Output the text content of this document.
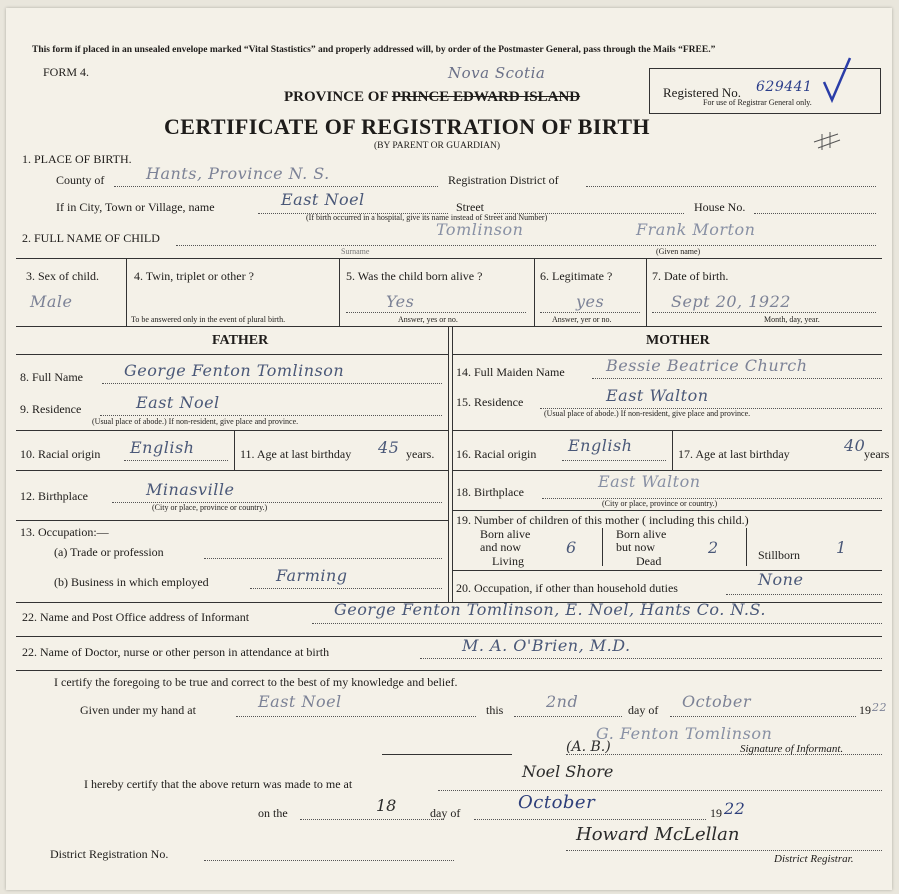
This form if placed in an unsealed envelope marked “Vital Stastistics” and properly addressed will, by order of the Postmaster General, pass through the Mails “FREE.”
FORM 4.	Nova Scotia
PROVINCE OF PRINCE EDWARD ISLAND	Registered No. 629441
For use of Registrar General only.
CERTIFICATE OF REGISTRATION OF BIRTH
(BY PARENT OR GUARDIAN)
1. PLACE OF BIRTH.
County of	Hants, Province N. S.	Registration District of
If in City, Town or Village, name	East Noel	Street	House No.
(If birth occurred in a hospital, give its name instead of Street and Number)
2. FULL NAME OF CHILD	Tomlinson	Frank Morton
Surname	(Given name)
3. Sex of child.
Male
4. Twin, triplet or other ?
To be answered only in the event of plural birth.
5. Was the child born alive ?
Yes
Answer, yes or no.
6. Legitimate ?
yes
Answer, yer or no.
7. Date of birth.
Sept 20, 1922
Month, day, year.
FATHER
8. Full Name	George Fenton Tomlinson
9. Residence	East Noel
(Usual place of abode.) If non-resident, give place and province.
10. Racial origin English	11. Age at last birthday 45 years.
12. Birthplace	Minasville
(City or place, province or country.)
13. Occupation:—
(a) Trade or profession
(b) Business in which employed	Farming
MOTHER
14. Full Maiden Name	Bessie Beatrice Church
15. Residence	East Walton
(Usual place of abode.) If non-resident, give place and province.
16. Racial origin English	17. Age at last birthday	40
years
18. Birthplace
East Walton
(City or place, province or country.)
19. Number of children of this mother ( including this child.)
Born alive
and now
Living
6
Born alive
but now
Dead
2	Stillborn 1
20. Occupation, if other than household duties	None
22. Name and Post Office address of Informant	George Fenton Tomlinson, E. Noel, Hants Co. N.S.
22. Name of Doctor, nurse or other person in attendance at birth	M. A. O'Brien, M.D.
I certify the foregoing to be true and correct to the best of my knowledge and belief.
Given under my hand at	East Noel	this	2nd	day of October	19 22
G. Fenton Tomlinson
Signature of Informant.
I hereby certify that the above return was made to me at
(A. B.)
Noel Shore
on the	18	day of	October	19 22
Howard McLellan
District Registration No.	District Registrar.
